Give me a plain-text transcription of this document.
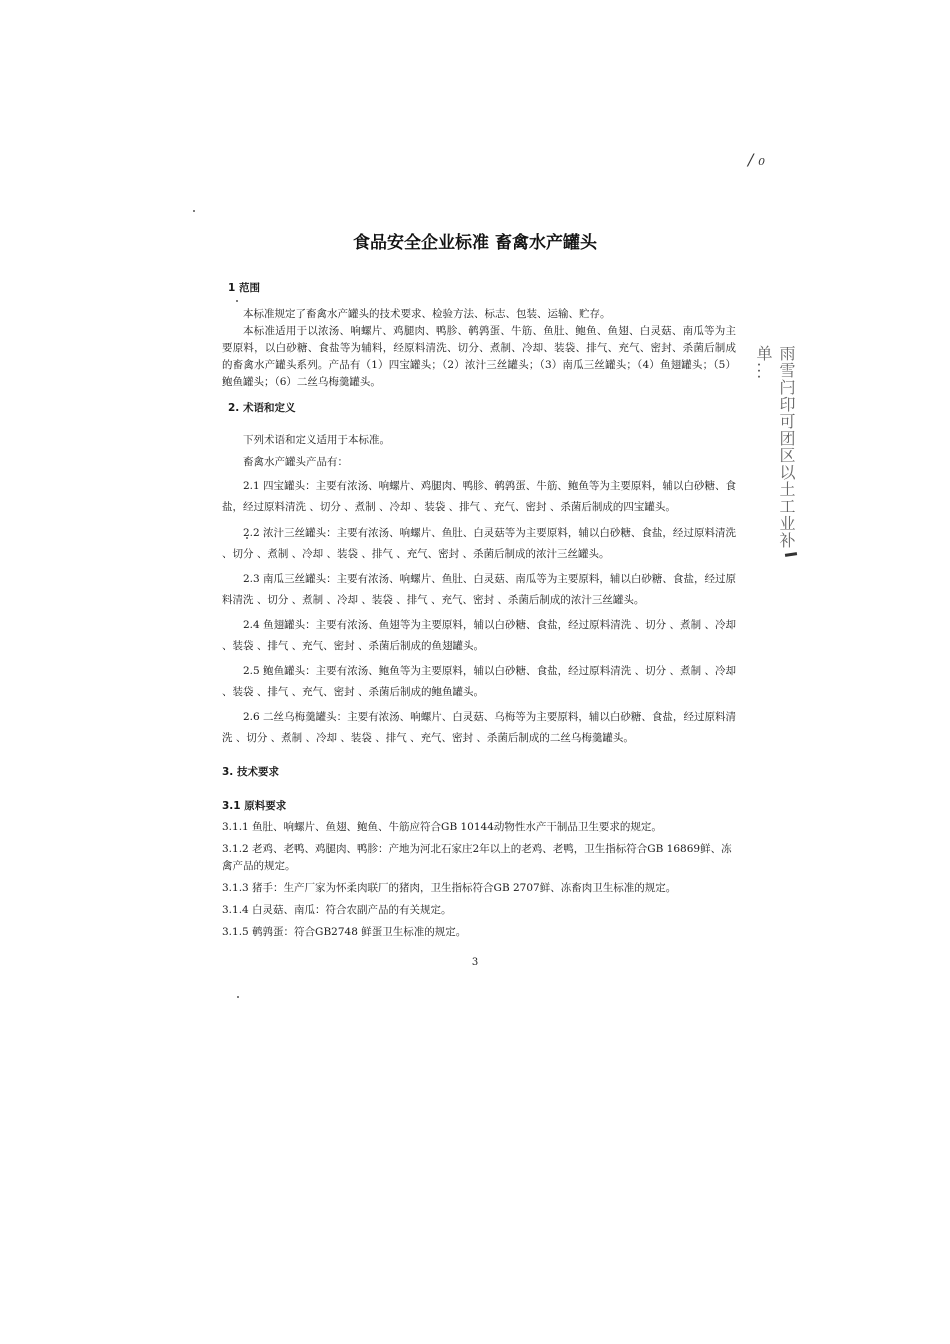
/ ₀
雨雪闩印可团区以土工业补单...
食品安全企业标准 畜禽水产罐头
1 范围

本标准规定了畜禽水产罐头的技术要求、检验方法、标志、包装、运输、贮存。

本标准适用于以浓汤、响螺片、鸡腿肉、鸭胗、鹌鹑蛋、牛筋、鱼肚、鲍鱼、鱼翅、白灵菇、南瓜等为主要原料，以白砂糖、食盐等为辅料，经原料清洗、切分、煮制、冷却、装袋、排气、充气、密封、杀菌后制成的畜禽水产罐头系列。产品有（1）四宝罐头；（2）浓汁三丝罐头；（3）南瓜三丝罐头；（4）鱼翅罐头；（5）鲍鱼罐头；（6）二丝乌梅羹罐头。

2. 术语和定义

下列术语和定义适用于本标准。

畜禽水产罐头产品有：

2.1 四宝罐头：主要有浓汤、响螺片、鸡腿肉、鸭胗、鹌鹑蛋、牛筋、鲍鱼等为主要原料，辅以白砂糖、食盐，经过原料清洗 、切分 、煮制 、冷却 、装袋 、排气 、充气、密封 、杀菌后制成的四宝罐头。

2.2 浓汁三丝罐头：主要有浓汤、响螺片、鱼肚、白灵菇等为主要原料，辅以白砂糖、食盐，经过原料清洗 、切分 、煮制 、冷却 、装袋 、排气 、充气、密封 、杀菌后制成的浓汁三丝罐头。

2.3 南瓜三丝罐头：主要有浓汤、响螺片、鱼肚、白灵菇、南瓜等为主要原料，辅以白砂糖、食盐，经过原料清洗 、切分 、煮制 、冷却 、装袋 、排气 、充气、密封 、杀菌后制成的浓汁三丝罐头。

2.4 鱼翅罐头：主要有浓汤、鱼翅等为主要原料，辅以白砂糖、食盐，经过原料清洗 、切分 、煮制 、冷却 、装袋 、排气 、充气、密封 、杀菌后制成的鱼翅罐头。

2.5 鲍鱼罐头：主要有浓汤、鲍鱼等为主要原料，辅以白砂糖、食盐，经过原料清洗 、切分 、煮制 、冷却 、装袋 、排气 、充气、密封 、杀菌后制成的鲍鱼罐头。

2.6 二丝乌梅羹罐头：主要有浓汤、响螺片、白灵菇、乌梅等为主要原料，辅以白砂糖、食盐，经过原料清洗 、切分 、煮制 、冷却 、装袋 、排气 、充气、密封 、杀菌后制成的二丝乌梅羹罐头。

3. 技术要求
3.1 原料要求

3.1.1 鱼肚、响螺片、鱼翅、鲍鱼、牛筋应符合GB 10144动物性水产干制品卫生要求的规定。

3.1.2 老鸡、老鸭、鸡腿肉、鸭胗：产地为河北石家庄2年以上的老鸡、老鸭，卫生指标符合GB 16869鲜、冻禽产品的规定。

3.1.3 猪手：生产厂家为怀柔肉联厂的猪肉，卫生指标符合GB 2707鲜、冻畜肉卫生标准的规定。

3.1.4 白灵菇、南瓜：符合农副产品的有关规定。

3.1.5 鹌鹑蛋：符合GB2748 鲜蛋卫生标准的规定。

3
